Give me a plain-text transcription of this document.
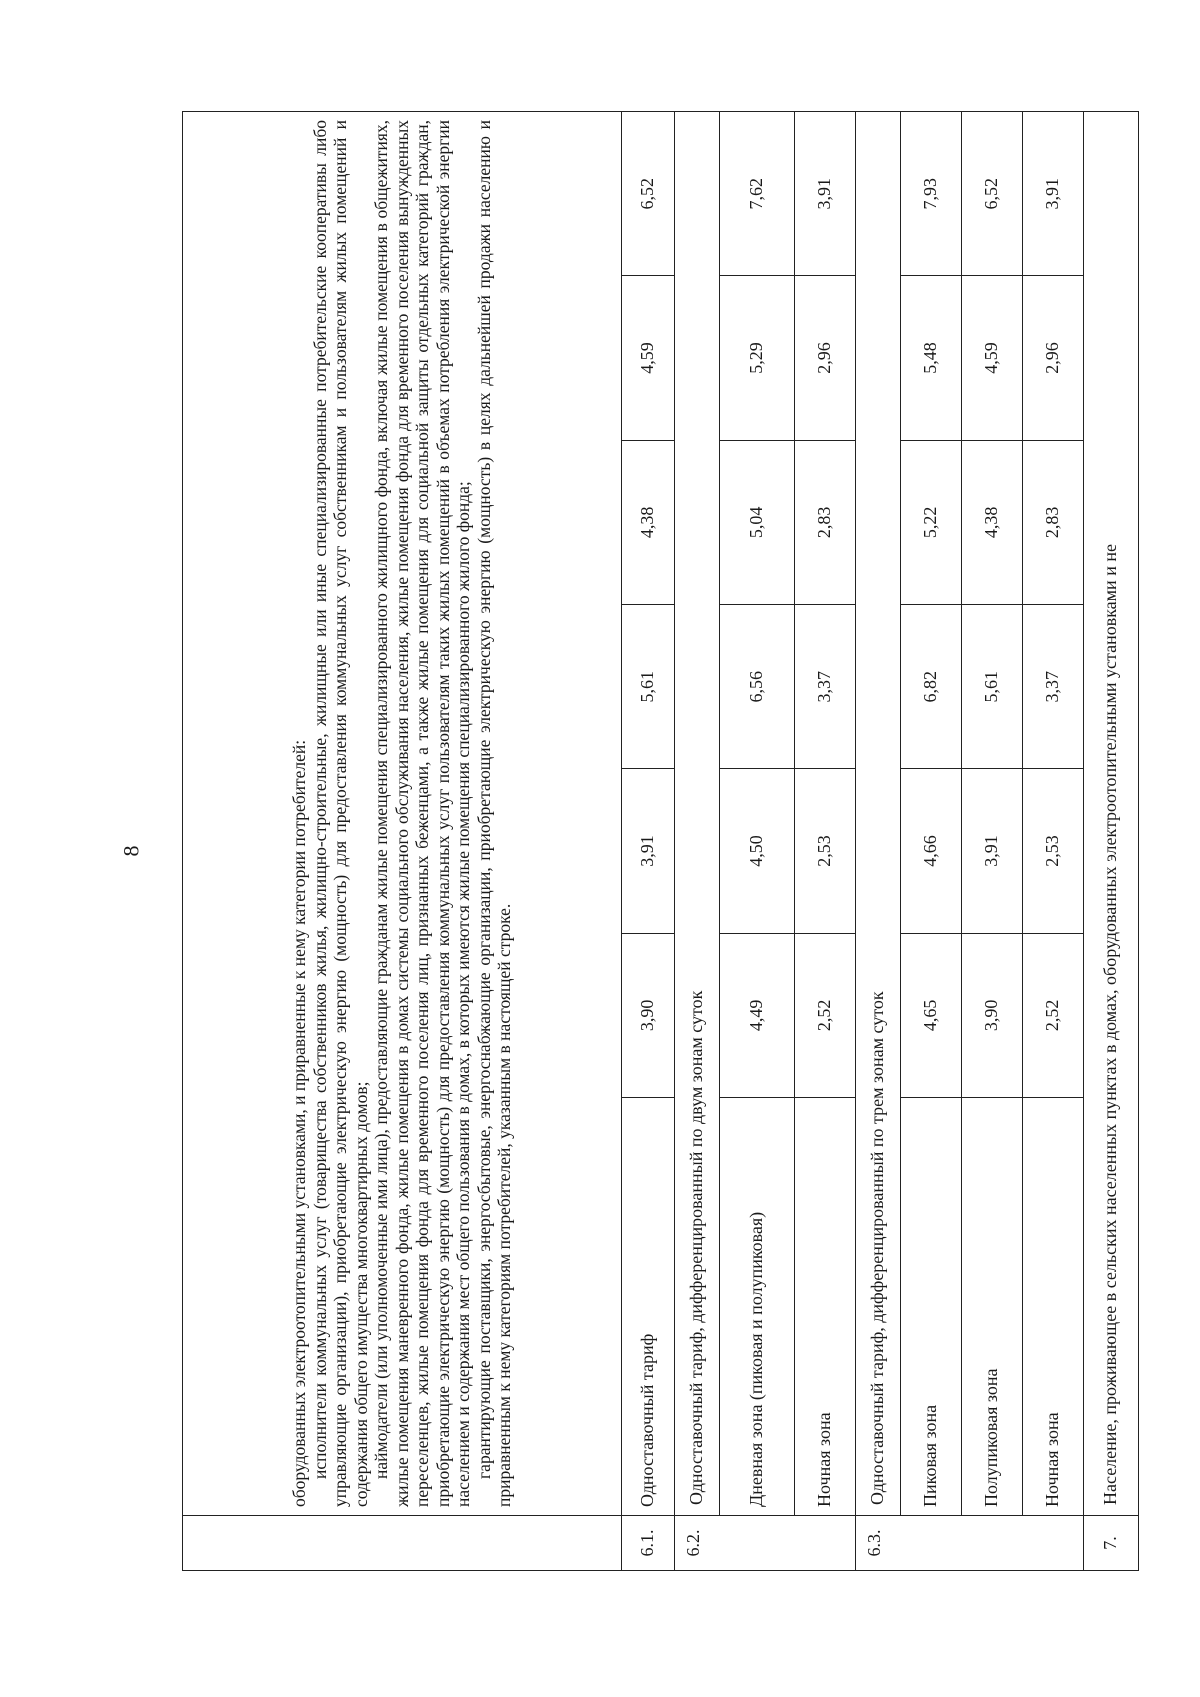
8

	оборудованных электроотопительными установками, и приравненные к нему категории потребителей: исполнители коммунальных услуг (товарищества собственников жилья, жилищно-строительные, жилищные или иные специализированные потребительские кооперативы либо управляющие организации), приобретающие электрическую энергию (мощность) для предоставления коммунальных услуг собственникам и пользователям жилых помещений и содержания общего имущества многоквартирных домов; наймодатели (или уполномоченные ими лица), предоставляющие гражданам жилые помещения специализированного жилищного фонда, включая жилые помещения в общежитиях, жилые помещения маневренного фонда, жилые помещения в домах системы социального обслуживания населения, жилые помещения фонда для временного поселения вынужденных переселенцев, жилые помещения фонда для временного поселения лиц, признанных беженцами, а также жилые помещения для социальной защиты отдельных категорий граждан, приобретающие электрическую энергию (мощность) для предоставления коммунальных услуг пользователям таких жилых помещений в объемах потребления электрической энергии населением и содержания мест общего пользования в домах, в которых имеются жилые помещения специализированного жилого фонда; гарантирующие поставщики, энергосбытовые, энергоснабжающие организации, приобретающие электрическую энергию (мощность) в целях дальнейшей продажи населению и приравненным к нему категориям потребителей, указанным в настоящей строке.						

6.1.	Одноставочный тариф	3,90	3,91	5,61	4,38	4,59	6,52
6.2.	Одноставочный тариф, дифференцированный по двум зонам суток						
	Дневная зона (пиковая и полупиковая)	4,49	4,50	6,56	5,04	5,29	7,62
	Ночная зона	2,52	2,53	3,37	2,83	2,96	3,91
6.3.	Одноставочный тариф, дифференцированный по трем зонам суток						
	Пиковая зона	4,65	4,66	6,82	5,22	5,48	7,93
	Полупиковая зона	3,90	3,91	5,61	4,38	4,59	6,52
	Ночная зона	2,52	2,53	3,37	2,83	2,96	3,91
7.	Население, проживающее в сельских населенных пунктах в домах, оборудованных электроотопительными установками и не						
